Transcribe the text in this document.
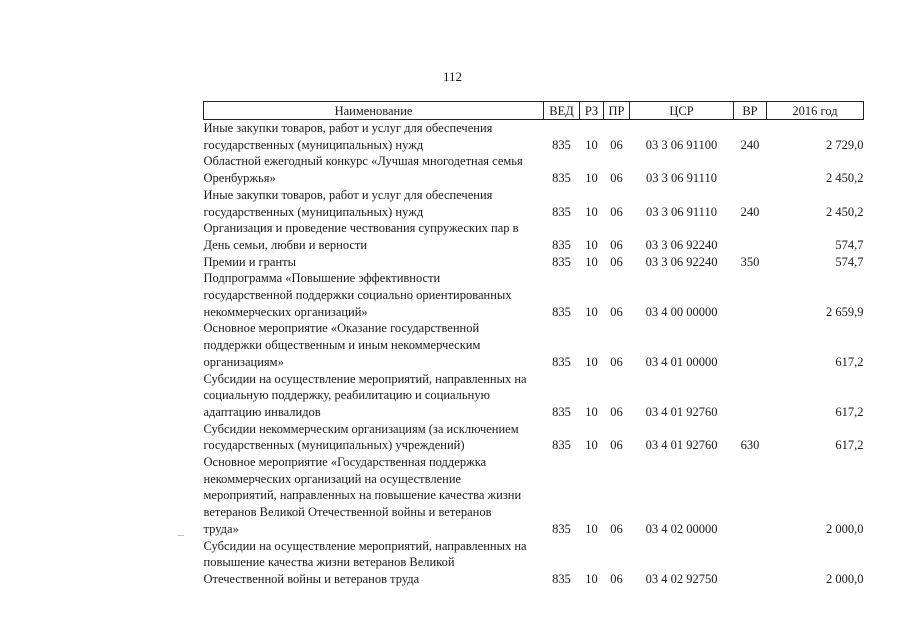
112
Наименование	ВЕД	РЗ	ПР	ЦСР	ВР	2016 год

Иные закупки товаров, работ и услуг для обеспечения
государственных (муниципальных) нужд	835	10	06	03 3 06 91100	240	2 729,0

Областной ежегодный конкурс «Лучшая многодетная семья
Оренбуржья»	835	10	06	03 3 06 91110		2 450,2

Иные закупки товаров, работ и услуг для обеспечения
государственных (муниципальных) нужд	835	10	06	03 3 06 91110	240	2 450,2

Организация и проведение чествования супружеских пар в
День семьи, любви и верности	835	10	06	03 3 06 92240		574,7

Премии и гранты	835	10	06	03 3 06 92240	350	574,7

Подпрограмма «Повышение эффективности
государственной поддержки социально ориентированных
некоммерческих организаций»	835	10	06	03 4 00 00000		2 659,9

Основное мероприятие «Оказание государственной
поддержки общественным и иным некоммерческим
организациям»	835	10	06	03 4 01 00000		617,2

Субсидии на осуществление мероприятий, направленных на
социальную поддержку, реабилитацию и социальную
адаптацию инвалидов	835	10	06	03 4 01 92760		617,2

Субсидии некоммерческим организациям (за исключением
государственных (муниципальных) учреждений)	835	10	06	03 4 01 92760	630	617,2

Основное мероприятие «Государственная поддержка
некоммерческих организаций на осуществление
мероприятий, направленных на повышение качества жизни
ветеранов Великой Отечественной войны и ветеранов
труда»	835	10	06	03 4 02 00000		2 000,0

Субсидии на осуществление мероприятий, направленных на
повышение качества жизни ветеранов Великой
Отечественной войны и ветеранов труда	835	10	06	03 4 02 92750		2 000,0
